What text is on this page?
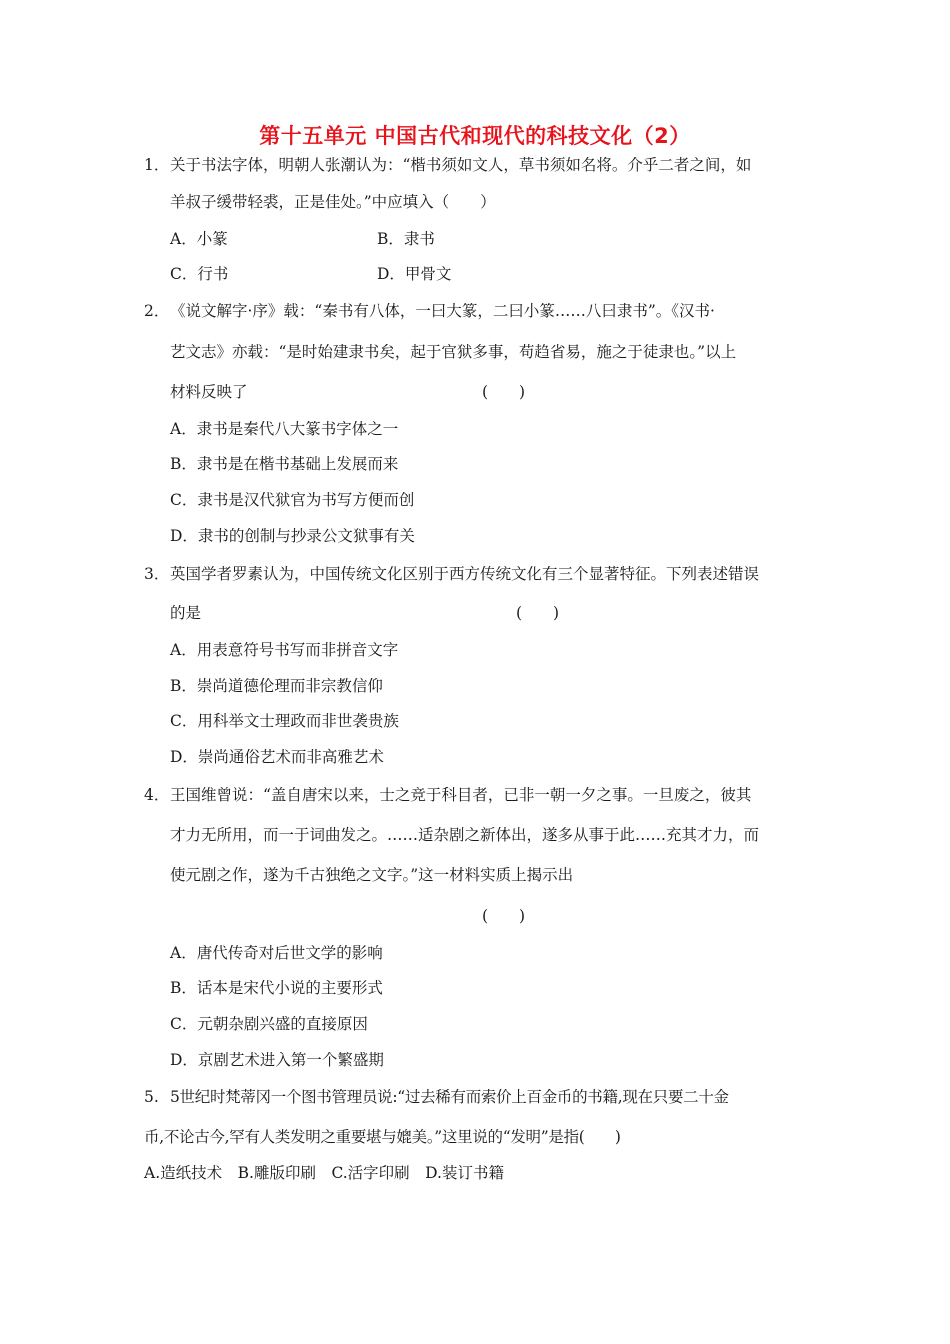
第十五单元 中国古代和现代的科技文化（2）
1． 关于书法字体，明朝人张潮认为：“楷书须如文人，草书须如名将。介乎二者之间，如
羊叔子缓带轻裘，正是佳处。”中应填入（　　）
A．小篆	B．隶书
C．行书	D．甲骨文
2． 《说文解字·序》载：“秦书有八体，一曰大篆，二曰小篆……八曰隶书”。《汉书·
艺文志》亦载：“是时始建隶书矣，起于官狱多事，苟趋省易，施之于徒隶也。”以上
材料反映了	(　　)
A．隶书是秦代八大篆书字体之一
B．隶书是在楷书基础上发展而来
C．隶书是汉代狱官为书写方便而创
D．隶书的创制与抄录公文狱事有关
3． 英国学者罗素认为，中国传统文化区别于西方传统文化有三个显著特征。下列表述错误
的是	(　　)
A．用表意符号书写而非拼音文字
B．崇尚道德伦理而非宗教信仰
C．用科举文士理政而非世袭贵族
D．崇尚通俗艺术而非高雅艺术
4． 王国维曾说：“盖自唐宋以来，士之竞于科目者，已非一朝一夕之事。一旦废之，彼其
才力无所用，而一于词曲发之。……适杂剧之新体出，遂多从事于此……充其才力，而
使元剧之作，遂为千古独绝之文字。”这一材料实质上揭示出
(　　)
A．唐代传奇对后世文学的影响
B．话本是宋代小说的主要形式
C．元朝杂剧兴盛的直接原因
D．京剧艺术进入第一个繁盛期
5. 5世纪时梵蒂冈一个图书管理员说:“过去稀有而索价上百金币的书籍,现在只要二十金
币,不论古今,罕有人类发明之重要堪与媲美。”这里说的“发明”是指(　　)
A.造纸技术　B.雕版印刷　C.活字印刷　D.装订书籍
